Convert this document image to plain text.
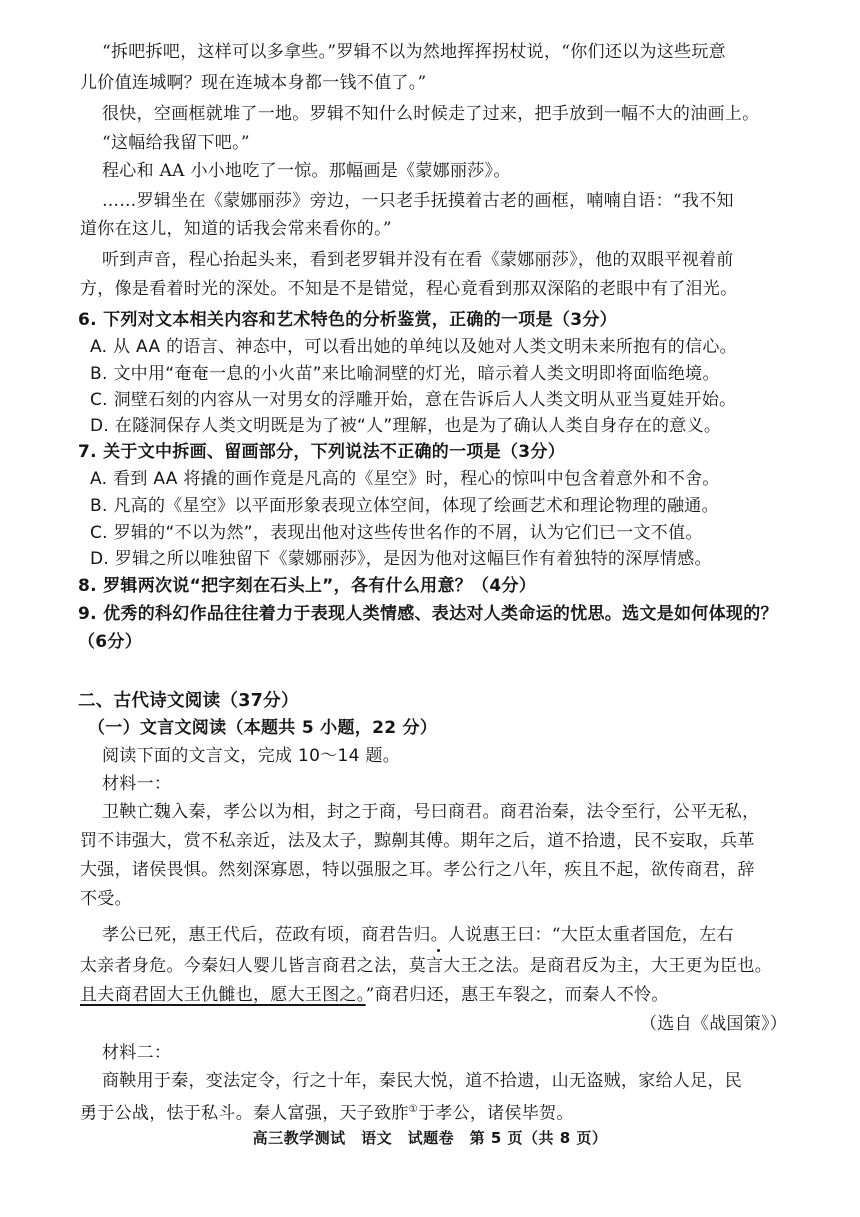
“拆吧拆吧，这样可以多拿些。”罗辑不以为然地挥挥拐杖说，“你们还以为这些玩意
儿价值连城啊？现在连城本身都一钱不值了。”
很快，空画框就堆了一地。罗辑不知什么时候走了过来，把手放到一幅不大的油画上。
“这幅给我留下吧。”
程心和 AA 小小地吃了一惊。那幅画是《蒙娜丽莎》。
……罗辑坐在《蒙娜丽莎》旁边，一只老手抚摸着古老的画框，喃喃自语：“我不知
道你在这儿，知道的话我会常来看你的。”
听到声音，程心抬起头来，看到老罗辑并没有在看《蒙娜丽莎》，他的双眼平视着前
方，像是看着时光的深处。不知是不是错觉，程心竟看到那双深陷的老眼中有了泪光。
6. 下列对文本相关内容和艺术特色的分析鉴赏，正确的一项是（3分）
A. 从 AA 的语言、神态中，可以看出她的单纯以及她对人类文明未来所抱有的信心。
B. 文中用“奄奄一息的小火苗”来比喻洞壁的灯光，暗示着人类文明即将面临绝境。
C. 洞壁石刻的内容从一对男女的浮雕开始，意在告诉后人人类文明从亚当夏娃开始。
D. 在隧洞保存人类文明既是为了被“人”理解，也是为了确认人类自身存在的意义。
7. 关于文中拆画、留画部分，下列说法不正确的一项是（3分）
A. 看到 AA 将撬的画作竟是凡高的《星空》时，程心的惊叫中包含着意外和不舍。
B. 凡高的《星空》以平面形象表现立体空间，体现了绘画艺术和理论物理的融通。
C. 罗辑的“不以为然”，表现出他对这些传世名作的不屑，认为它们已一文不值。
D. 罗辑之所以唯独留下《蒙娜丽莎》，是因为他对这幅巨作有着独特的深厚情感。
8. 罗辑两次说“把字刻在石头上”，各有什么用意？（4分）
9. 优秀的科幻作品往往着力于表现人类情感、表达对人类命运的忧思。选文是如何体现的？
（6分）
二、古代诗文阅读（37分）
（一）文言文阅读（本题共 5 小题，22 分）
阅读下面的文言文，完成 10～14 题。
材料一：
卫鞅亡魏入秦，孝公以为相，封之于商，号曰商君。商君治秦，法令至行，公平无私，
罚不讳强大，赏不私亲近，法及太子，黥劓其傅。期年之后，道不拾遗，民不妄取，兵革
大强，诸侯畏惧。然刻深寡恩，特以强服之耳。孝公行之八年，疾且不起，欲传商君，辞
不受。
孝公已死，惠王代后，莅政有顷，商君告归。人说惠王曰：“大臣太重者国危，左右
太亲者身危。今秦妇人婴儿皆言商君之法，莫言大王之法。是商君反为主，大王更为臣也。
且夫商君固大王仇雠也，愿大王图之。”商君归还，惠王车裂之，而秦人不怜。
（选自《战国策》）
材料二：
商鞅用于秦，变法定令，行之十年，秦民大悦，道不拾遗，山无盗贼，家给人足，民
勇于公战，怯于私斗。秦人富强，天子致胙①于孝公，诸侯毕贺。
高三教学测试　语文　试题卷　第 5 页（共 8 页）
